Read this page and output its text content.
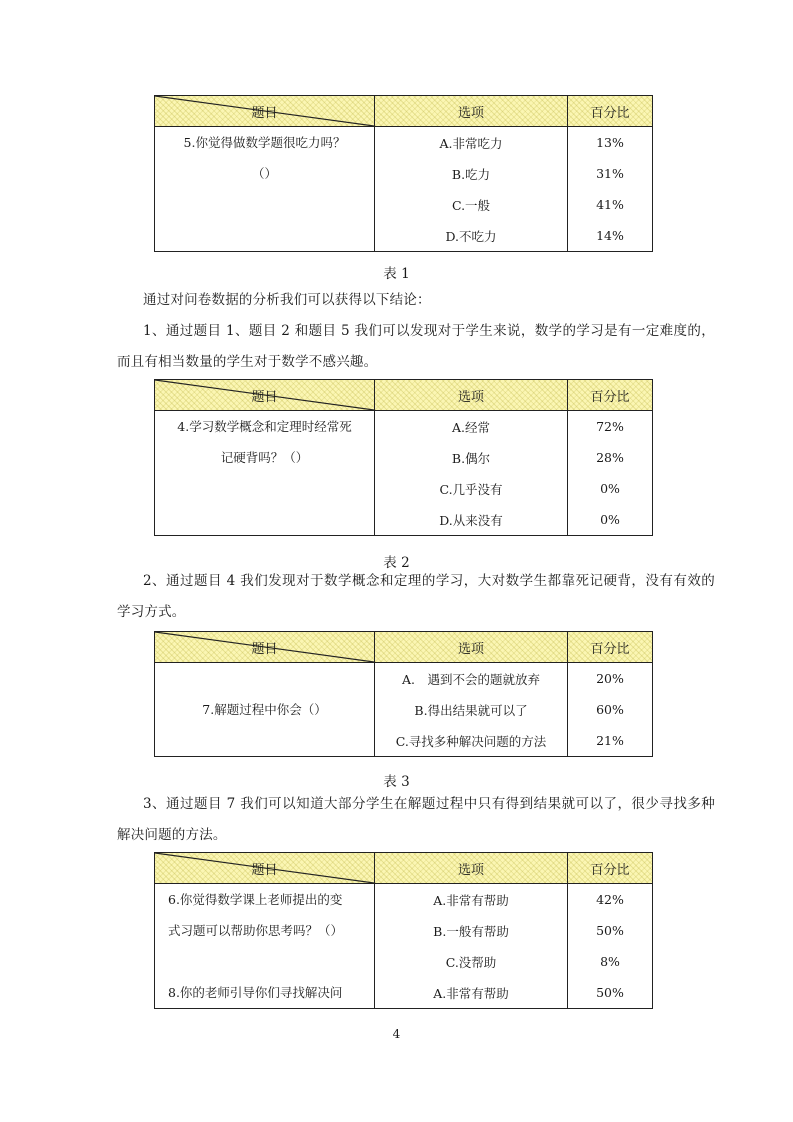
题目	选项	百分比

5.你觉得做数学题很吃力吗？
（）	A.非常吃力	13%
	B.吃力	31%
	C.一般	41%
	D.不吃力	14%
表 1
通过对问卷数据的分析我们可以获得以下结论：
1、通过题目 1、题目 2 和题目 5 我们可以发现对于学生来说，数学的学习是有一定难度的，而且有相当数量的学生对于数学不感兴趣。
题目	选项	百分比

4.学习数学概念和定理时经常死
记硬背吗？（）	A.经常	72%
	B.偶尔	28%
	C.几乎没有	0%
	D.从来没有	0%
表 2
2、通过题目 4 我们发现对于数学概念和定理的学习，大对数学生都靠死记硬背，没有有效的学习方式。
题目	选项	百分比

7.解题过程中你会（）	A.　遇到不会的题就放弃	20%
	B.得出结果就可以了	60%
	C.寻找多种解决问题的方法	21%
表 3
3、通过题目 7 我们可以知道大部分学生在解题过程中只有得到结果就可以了，很少寻找多种解决问题的方法。
题目	选项	百分比
6.你觉得数学课上老师提出的变	A.非常有帮助	42%
式习题可以帮助你思考吗？（）	B.一般有帮助	50%
	C.没帮助	8%
8.你的老师引导你们寻找解决问	A.非常有帮助	50%
4
